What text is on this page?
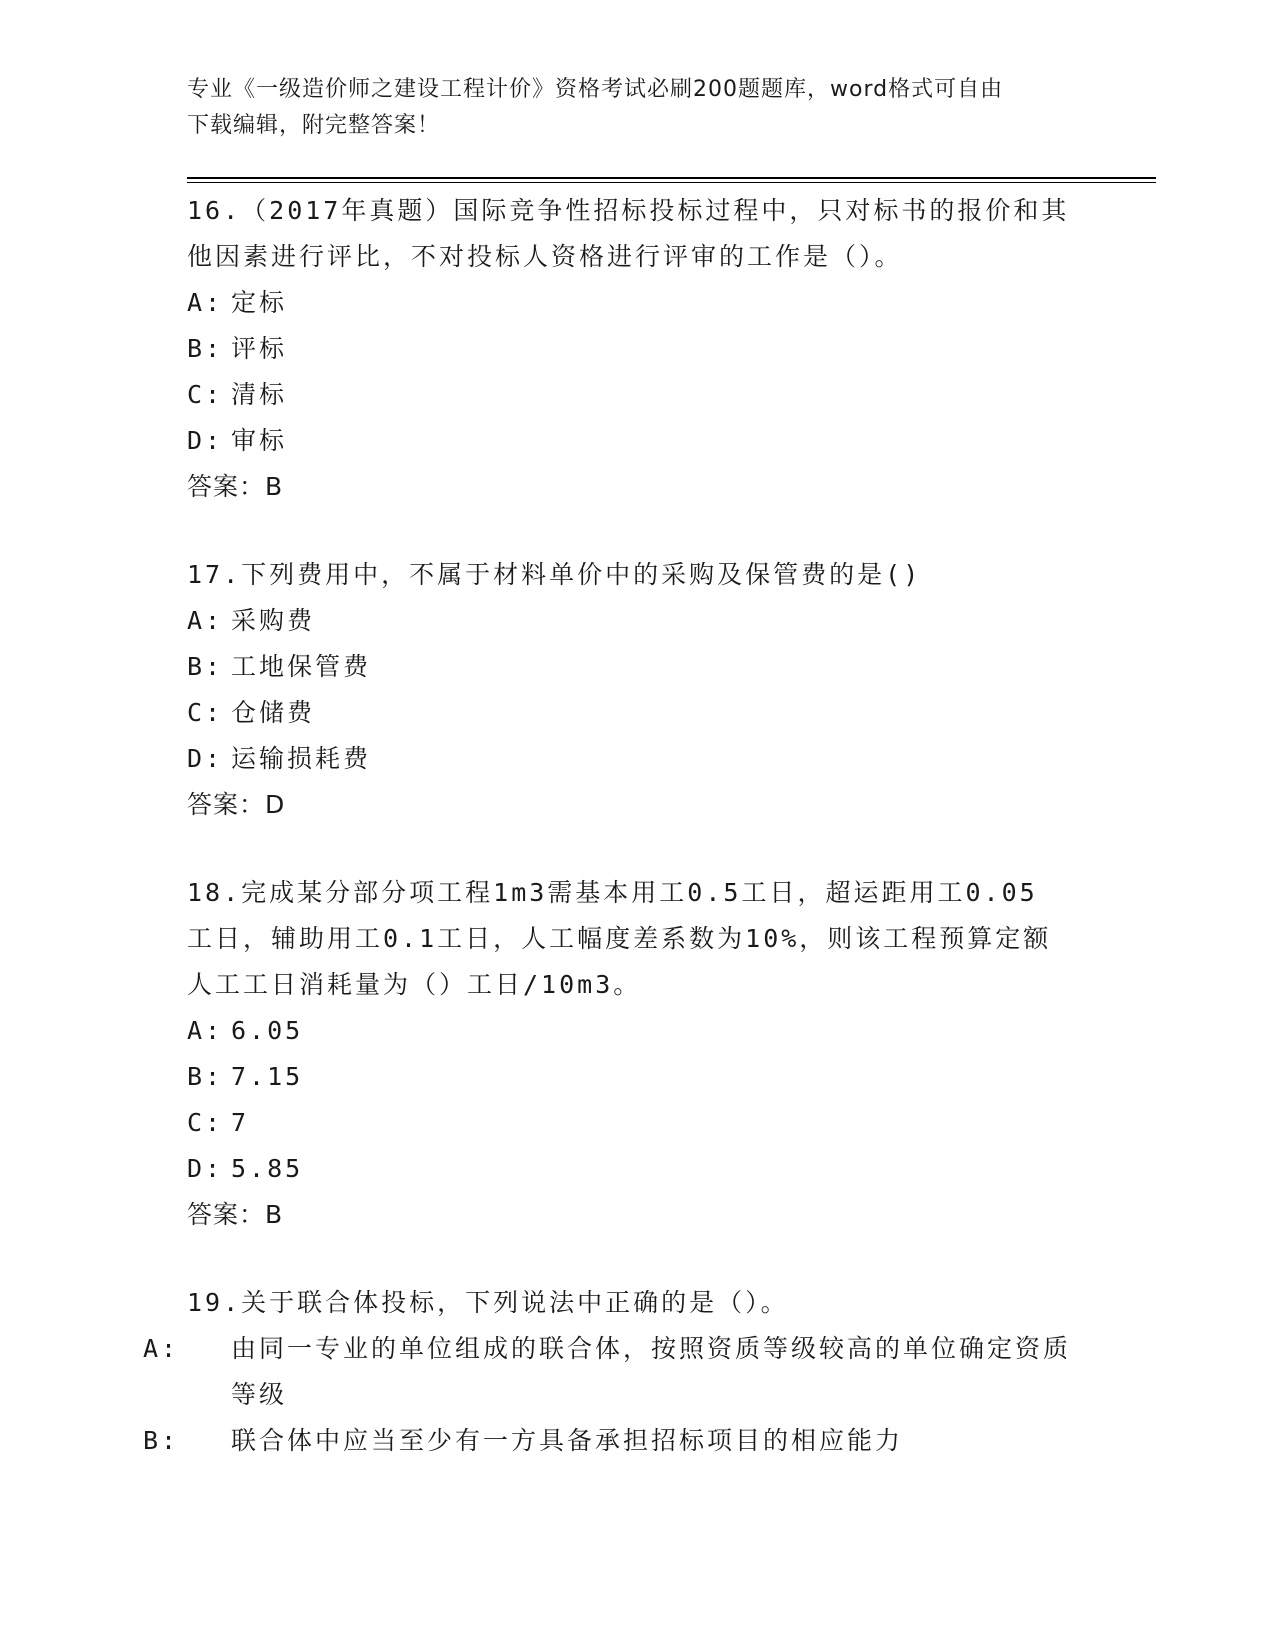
专业《一级造价师之建设工程计价》资格考试必刷200题题库，word格式可自由
下载编辑，附完整答案！

16.（2017年真题）国际竞争性招标投标过程中，只对标书的报价和其

他因素进行评比，不对投标人资格进行评审的工作是（）。

A: 定标

B: 评标

C: 清标

D: 审标

答案：B

17.下列费用中，不属于材料单价中的采购及保管费的是()

A: 采购费

B: 工地保管费

C: 仓储费

D: 运输损耗费

答案：D

18.完成某分部分项工程1m3需基本用工0.5工日，超运距用工0.05

工日，辅助用工0.1工日，人工幅度差系数为10%，则该工程预算定额

人工工日消耗量为（）工日/10m3。

A: 6.05

B: 7.15

C: 7

D: 5.85

答案：B

19.关于联合体投标，下列说法中正确的是（）。

A: 由同一专业的单位组成的联合体，按照资质等级较高的单位确定资质等级

B: 联合体中应当至少有一方具备承担招标项目的相应能力
